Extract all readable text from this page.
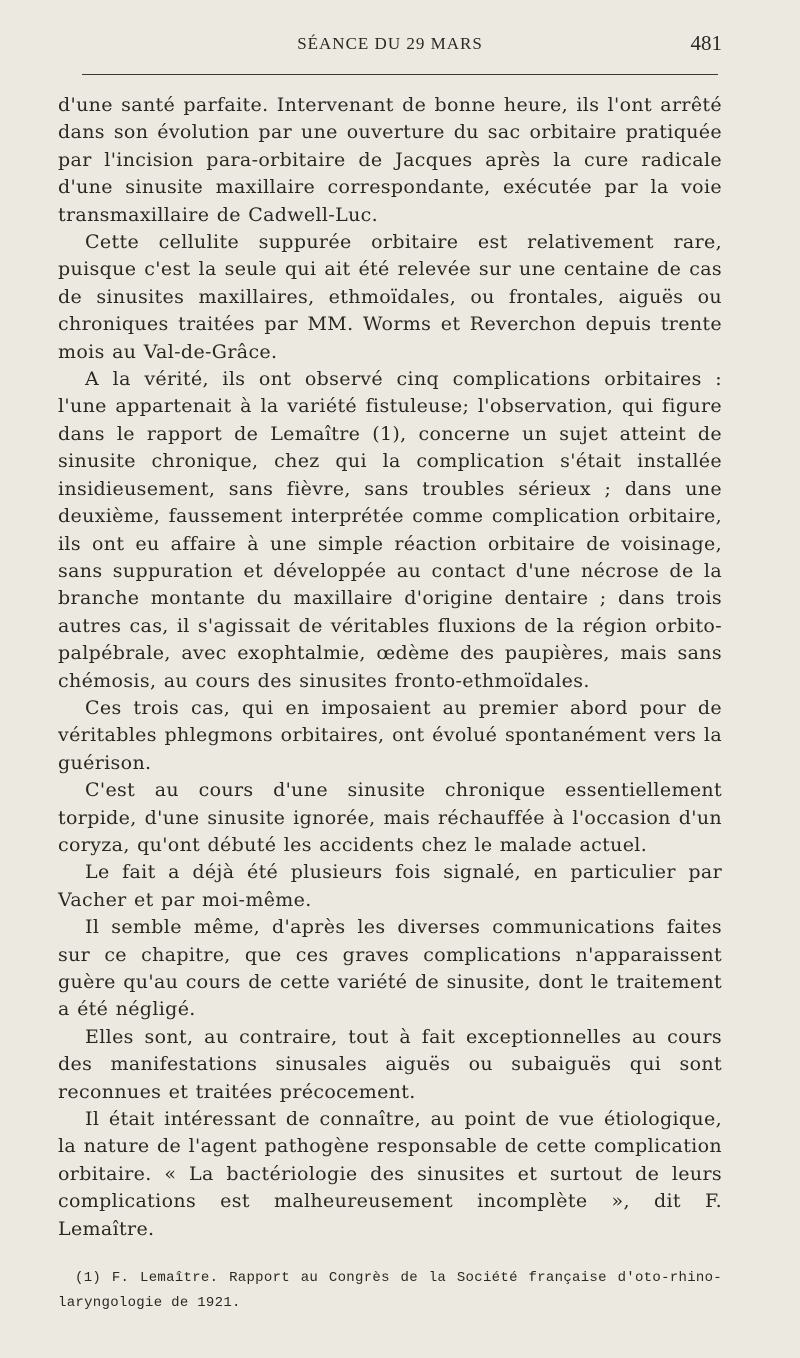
SÉANCE DU 29 MARS	481

d'une santé parfaite. Intervenant de bonne heure, ils l'ont arrêté dans son évolution par une ouverture du sac orbitaire pratiquée par l'incision para-orbitaire de Jacques après la cure radicale d'une sinusite maxillaire correspondante, exécutée par la voie transmaxillaire de Cadwell-Luc.

Cette cellulite suppurée orbitaire est relativement rare, puisque c'est la seule qui ait été relevée sur une centaine de cas de sinusites maxillaires, ethmoïdales, ou frontales, aiguës ou chroniques traitées par MM. Worms et Reverchon depuis trente mois au Val-de-Grâce.

A la vérité, ils ont observé cinq complications orbitaires : l'une appartenait à la variété fistuleuse; l'observation, qui figure dans le rapport de Lemaître (1), concerne un sujet atteint de sinusite chronique, chez qui la complication s'était installée insidieusement, sans fièvre, sans troubles sérieux ; dans une deuxième, faussement interprétée comme complication orbitaire, ils ont eu affaire à une simple réaction orbitaire de voisinage, sans suppuration et développée au contact d'une nécrose de la branche montante du maxillaire d'origine dentaire ; dans trois autres cas, il s'agissait de véritables fluxions de la région orbito-palpébrale, avec exophtalmie, œdème des paupières, mais sans chémosis, au cours des sinusites fronto-ethmoïdales.

Ces trois cas, qui en imposaient au premier abord pour de véritables phlegmons orbitaires, ont évolué spontanément vers la guérison.

C'est au cours d'une sinusite chronique essentiellement torpide, d'une sinusite ignorée, mais réchauffée à l'occasion d'un coryza, qu'ont débuté les accidents chez le malade actuel.

Le fait a déjà été plusieurs fois signalé, en particulier par Vacher et par moi-même.

Il semble même, d'après les diverses communications faites sur ce chapitre, que ces graves complications n'apparaissent guère qu'au cours de cette variété de sinusite, dont le traitement a été négligé.

Elles sont, au contraire, tout à fait exceptionnelles au cours des manifestations sinusales aiguës ou subaiguës qui sont reconnues et traitées précocement.

Il était intéressant de connaître, au point de vue étiologique, la nature de l'agent pathogène responsable de cette complication orbitaire. « La bactériologie des sinusites et surtout de leurs complications est malheureusement incomplète », dit F. Lemaître.

(1) F. Lemaître. Rapport au Congrès de la Société française d'oto-rhino-laryngologie de 1921.
